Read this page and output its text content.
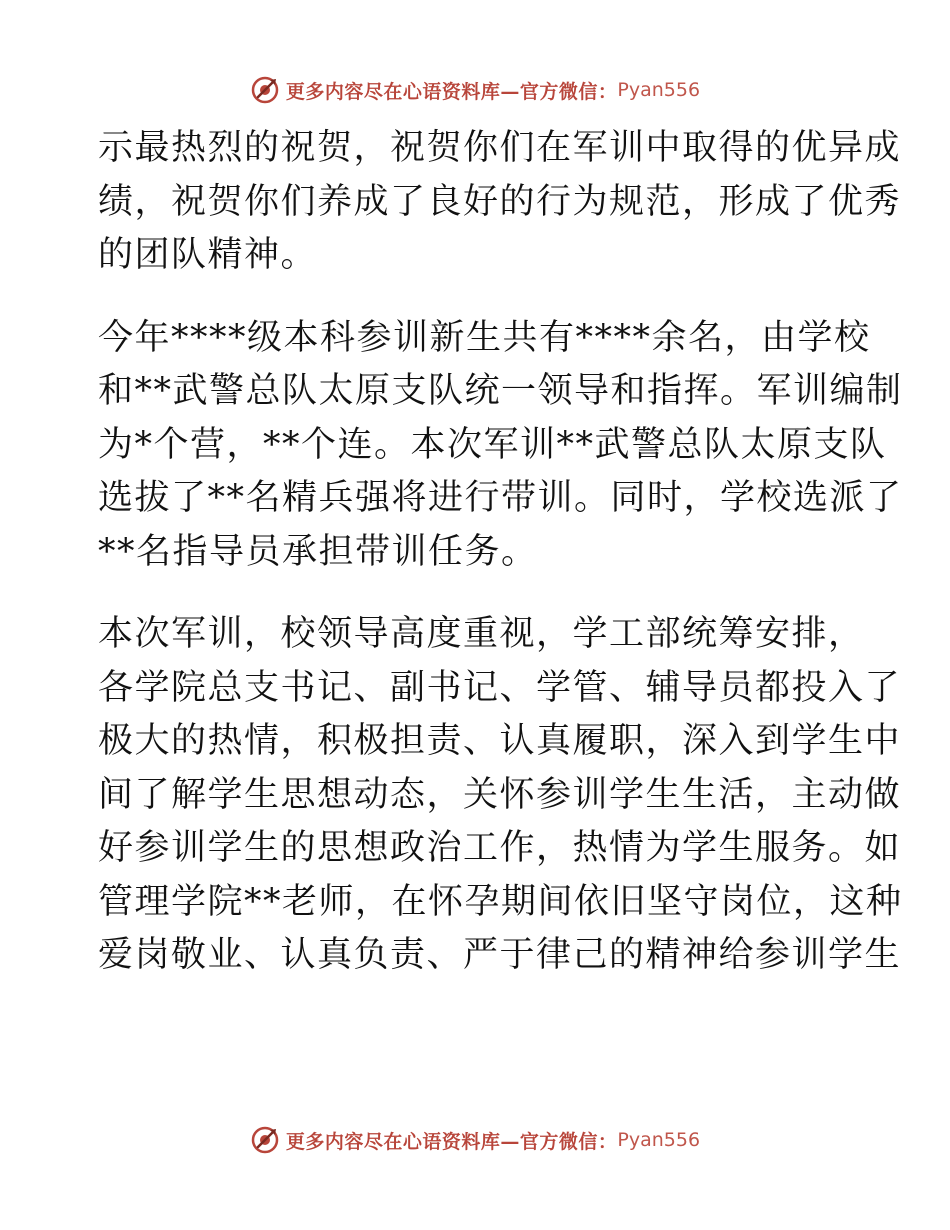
更多内容尽在心语资料库—官方微信： Pyan556

示最热烈的祝贺，祝贺你们在军训中取得的优异成
绩，祝贺你们养成了良好的行为规范，形成了优秀
的团队精神。

今年****级本科参训新生共有****余名，由学校
和**武警总队太原支队统一领导和指挥。军训编制
为*个营，**个连。本次军训**武警总队太原支队
选拔了**名精兵强将进行带训。同时，学校选派了
**名指导员承担带训任务。

本次军训，校领导高度重视，学工部统筹安排，
各学院总支书记、副书记、学管、辅导员都投入了
极大的热情，积极担责、认真履职，深入到学生中
间了解学生思想动态，关怀参训学生生活，主动做
好参训学生的思想政治工作，热情为学生服务。如
管理学院**老师，在怀孕期间依旧坚守岗位，这种
爱岗敬业、认真负责、严于律己的精神给参训学生

更多内容尽在心语资料库—官方微信： Pyan556
